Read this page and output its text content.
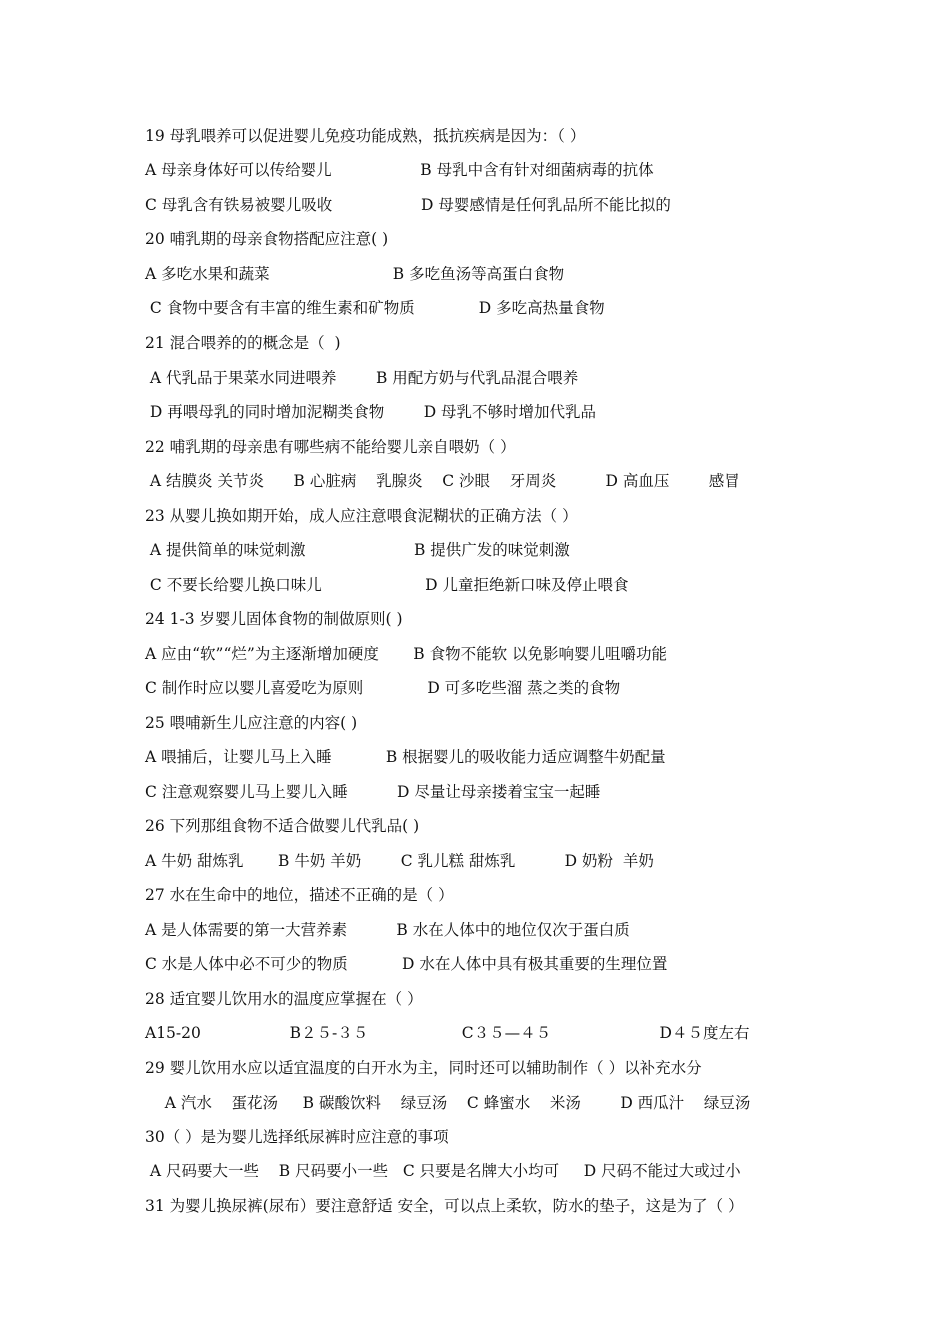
19 母乳喂养可以促进婴儿免疫功能成熟，抵抗疾病是因为：（ ）
A 母亲身体好可以传给婴儿                  B 母乳中含有针对细菌病毒的抗体
C 母乳含有铁易被婴儿吸收                  D 母婴感情是任何乳品所不能比拟的
20 哺乳期的母亲食物搭配应注意( )
A 多吃水果和蔬菜                         B 多吃鱼汤等高蛋白食物
C 食物中要含有丰富的维生素和矿物质             D 多吃高热量食物
21 混合喂养的的概念是（  )
A 代乳品于果菜水同进喂养        B 用配方奶与代乳品混合喂养
D 再喂母乳的同时增加泥糊类食物        D 母乳不够时增加代乳品
22 哺乳期的母亲患有哪些病不能给婴儿亲自喂奶（ ）
A 结膜炎 关节炎      B 心脏病    乳腺炎    C 沙眼    牙周炎          D 高血压        感冒
23 从婴儿换如期开始，成人应注意喂食泥糊状的正确方法（ ）
A 提供简单的味觉刺激                      B 提供广发的味觉刺激
C 不要长给婴儿换口味儿                     D 儿童拒绝新口味及停止喂食
24 1-3 岁婴儿固体食物的制做原则( )
A 应由“软”“烂”为主逐渐增加硬度       B 食物不能软 以免影响婴儿咀嚼功能
C 制作时应以婴儿喜爱吃为原则             D 可多吃些溜 蒸之类的食物
25 喂哺新生儿应注意的内容( )
A 喂捕后，让婴儿马上入睡           B 根据婴儿的吸收能力适应调整牛奶配量
C 注意观察婴儿马上婴儿入睡          D 尽量让母亲搂着宝宝一起睡
26 下列那组食物不适合做婴儿代乳品( )
A 牛奶 甜炼乳       B 牛奶 羊奶        C 乳儿糕 甜炼乳          D 奶粉  羊奶
27 水在生命中的地位，描述不正确的是（ ）
A 是人体需要的第一大营养素          B 水在人体中的地位仅次于蛋白质
C 水是人体中必不可少的物质           D 水在人体中具有极其重要的生理位置
28 适宜婴儿饮用水的温度应掌握在（ ）
A15-20                  B２５-３５                   C３５—４５                      D４５度左右
29 婴儿饮用水应以适宜温度的白开水为主，同时还可以辅助制作（ ）以补充水分
A 汽水    蛋花汤     B 碳酸饮料    绿豆汤    C 蜂蜜水    米汤        D 西瓜汁    绿豆汤
30（ ）是为婴儿选择纸尿裤时应注意的事项
A 尺码要大一些    B 尺码要小一些   C 只要是名牌大小均可     D 尺码不能过大或过小
31 为婴儿换尿裤(尿布）要注意舒适 安全，可以点上柔软，防水的垫子，这是为了（ ）
